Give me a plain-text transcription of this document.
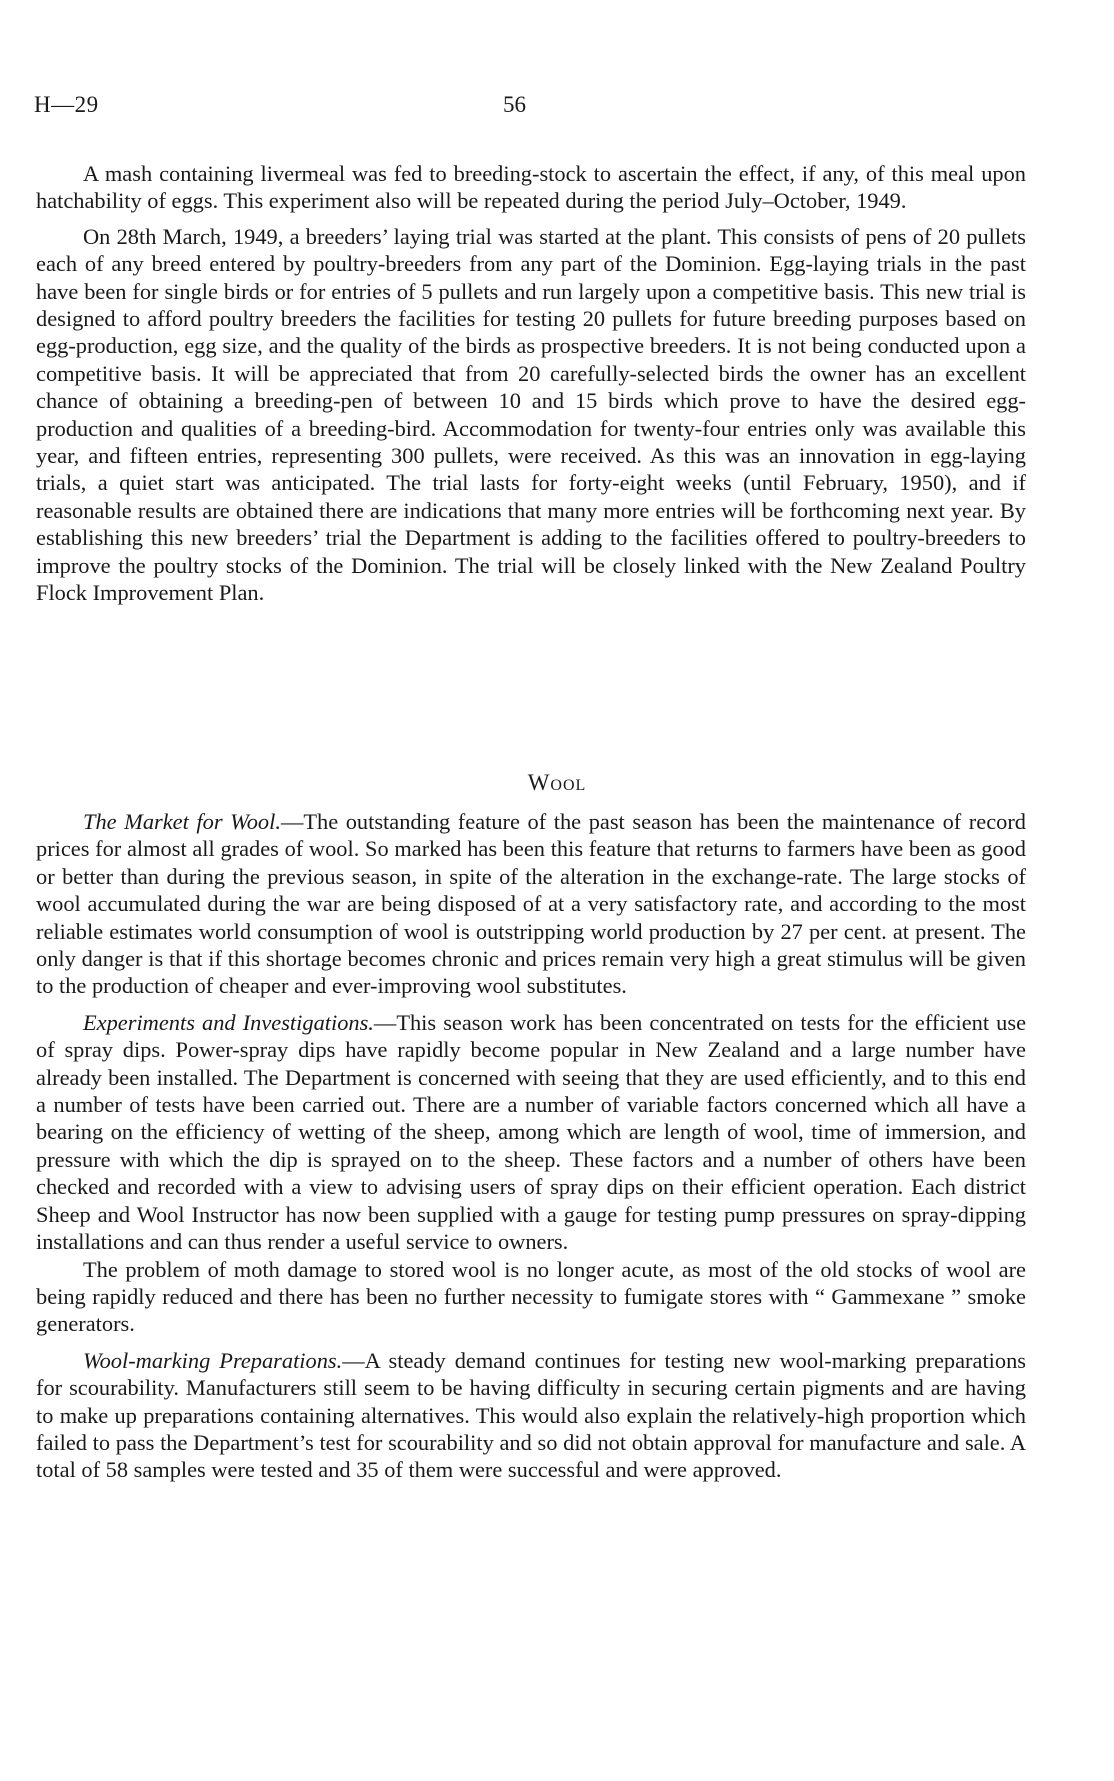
H—29	56

A mash containing livermeal was fed to breeding-stock to ascertain the effect, if any, of this meal upon hatchability of eggs. This experiment also will be repeated during the period July–October, 1949.

On 28th March, 1949, a breeders’ laying trial was started at the plant. This consists of pens of 20 pullets each of any breed entered by poultry-breeders from any part of the Dominion. Egg-laying trials in the past have been for single birds or for entries of 5 pullets and run largely upon a competitive basis. This new trial is designed to afford poultry breeders the facilities for testing 20 pullets for future breeding purposes based on egg-production, egg size, and the quality of the birds as prospective breeders. It is not being conducted upon a competitive basis. It will be appreciated that from 20 carefully-selected birds the owner has an excellent chance of obtaining a breeding-pen of between 10 and 15 birds which prove to have the desired egg-production and qualities of a breeding-bird. Accommodation for twenty-four entries only was available this year, and fifteen entries, representing 300 pullets, were received. As this was an innovation in egg-laying trials, a quiet start was anticipated. The trial lasts for forty-eight weeks (until February, 1950), and if reasonable results are obtained there are indications that many more entries will be forthcoming next year. By establishing this new breeders’ trial the Department is adding to the facilities offered to poultry-breeders to improve the poultry stocks of the Dominion. The trial will be closely linked with the New Zealand Poultry Flock Improvement Plan.

Wool

The Market for Wool.—The outstanding feature of the past season has been the maintenance of record prices for almost all grades of wool. So marked has been this feature that returns to farmers have been as good or better than during the previous season, in spite of the alteration in the exchange-rate. The large stocks of wool accumulated during the war are being disposed of at a very satisfactory rate, and according to the most reliable estimates world consumption of wool is outstripping world production by 27 per cent. at present. The only danger is that if this shortage becomes chronic and prices remain very high a great stimulus will be given to the production of cheaper and ever-improving wool substitutes.

Experiments and Investigations.—This season work has been concentrated on tests for the efficient use of spray dips. Power-spray dips have rapidly become popular in New Zealand and a large number have already been installed. The Department is concerned with seeing that they are used efficiently, and to this end a number of tests have been carried out. There are a number of variable factors concerned which all have a bearing on the efficiency of wetting of the sheep, among which are length of wool, time of immersion, and pressure with which the dip is sprayed on to the sheep. These factors and a number of others have been checked and recorded with a view to advising users of spray dips on their efficient operation. Each district Sheep and Wool Instructor has now been supplied with a gauge for testing pump pressures on spray-dipping installations and can thus render a useful service to owners.

The problem of moth damage to stored wool is no longer acute, as most of the old stocks of wool are being rapidly reduced and there has been no further necessity to fumigate stores with “ Gammexane ” smoke generators.

Wool-marking Preparations.—A steady demand continues for testing new wool-marking preparations for scourability. Manufacturers still seem to be having difficulty in securing certain pigments and are having to make up preparations containing alternatives. This would also explain the relatively-high proportion which failed to pass the Department’s test for scourability and so did not obtain approval for manufacture and sale. A total of 58 samples were tested and 35 of them were successful and were approved.
